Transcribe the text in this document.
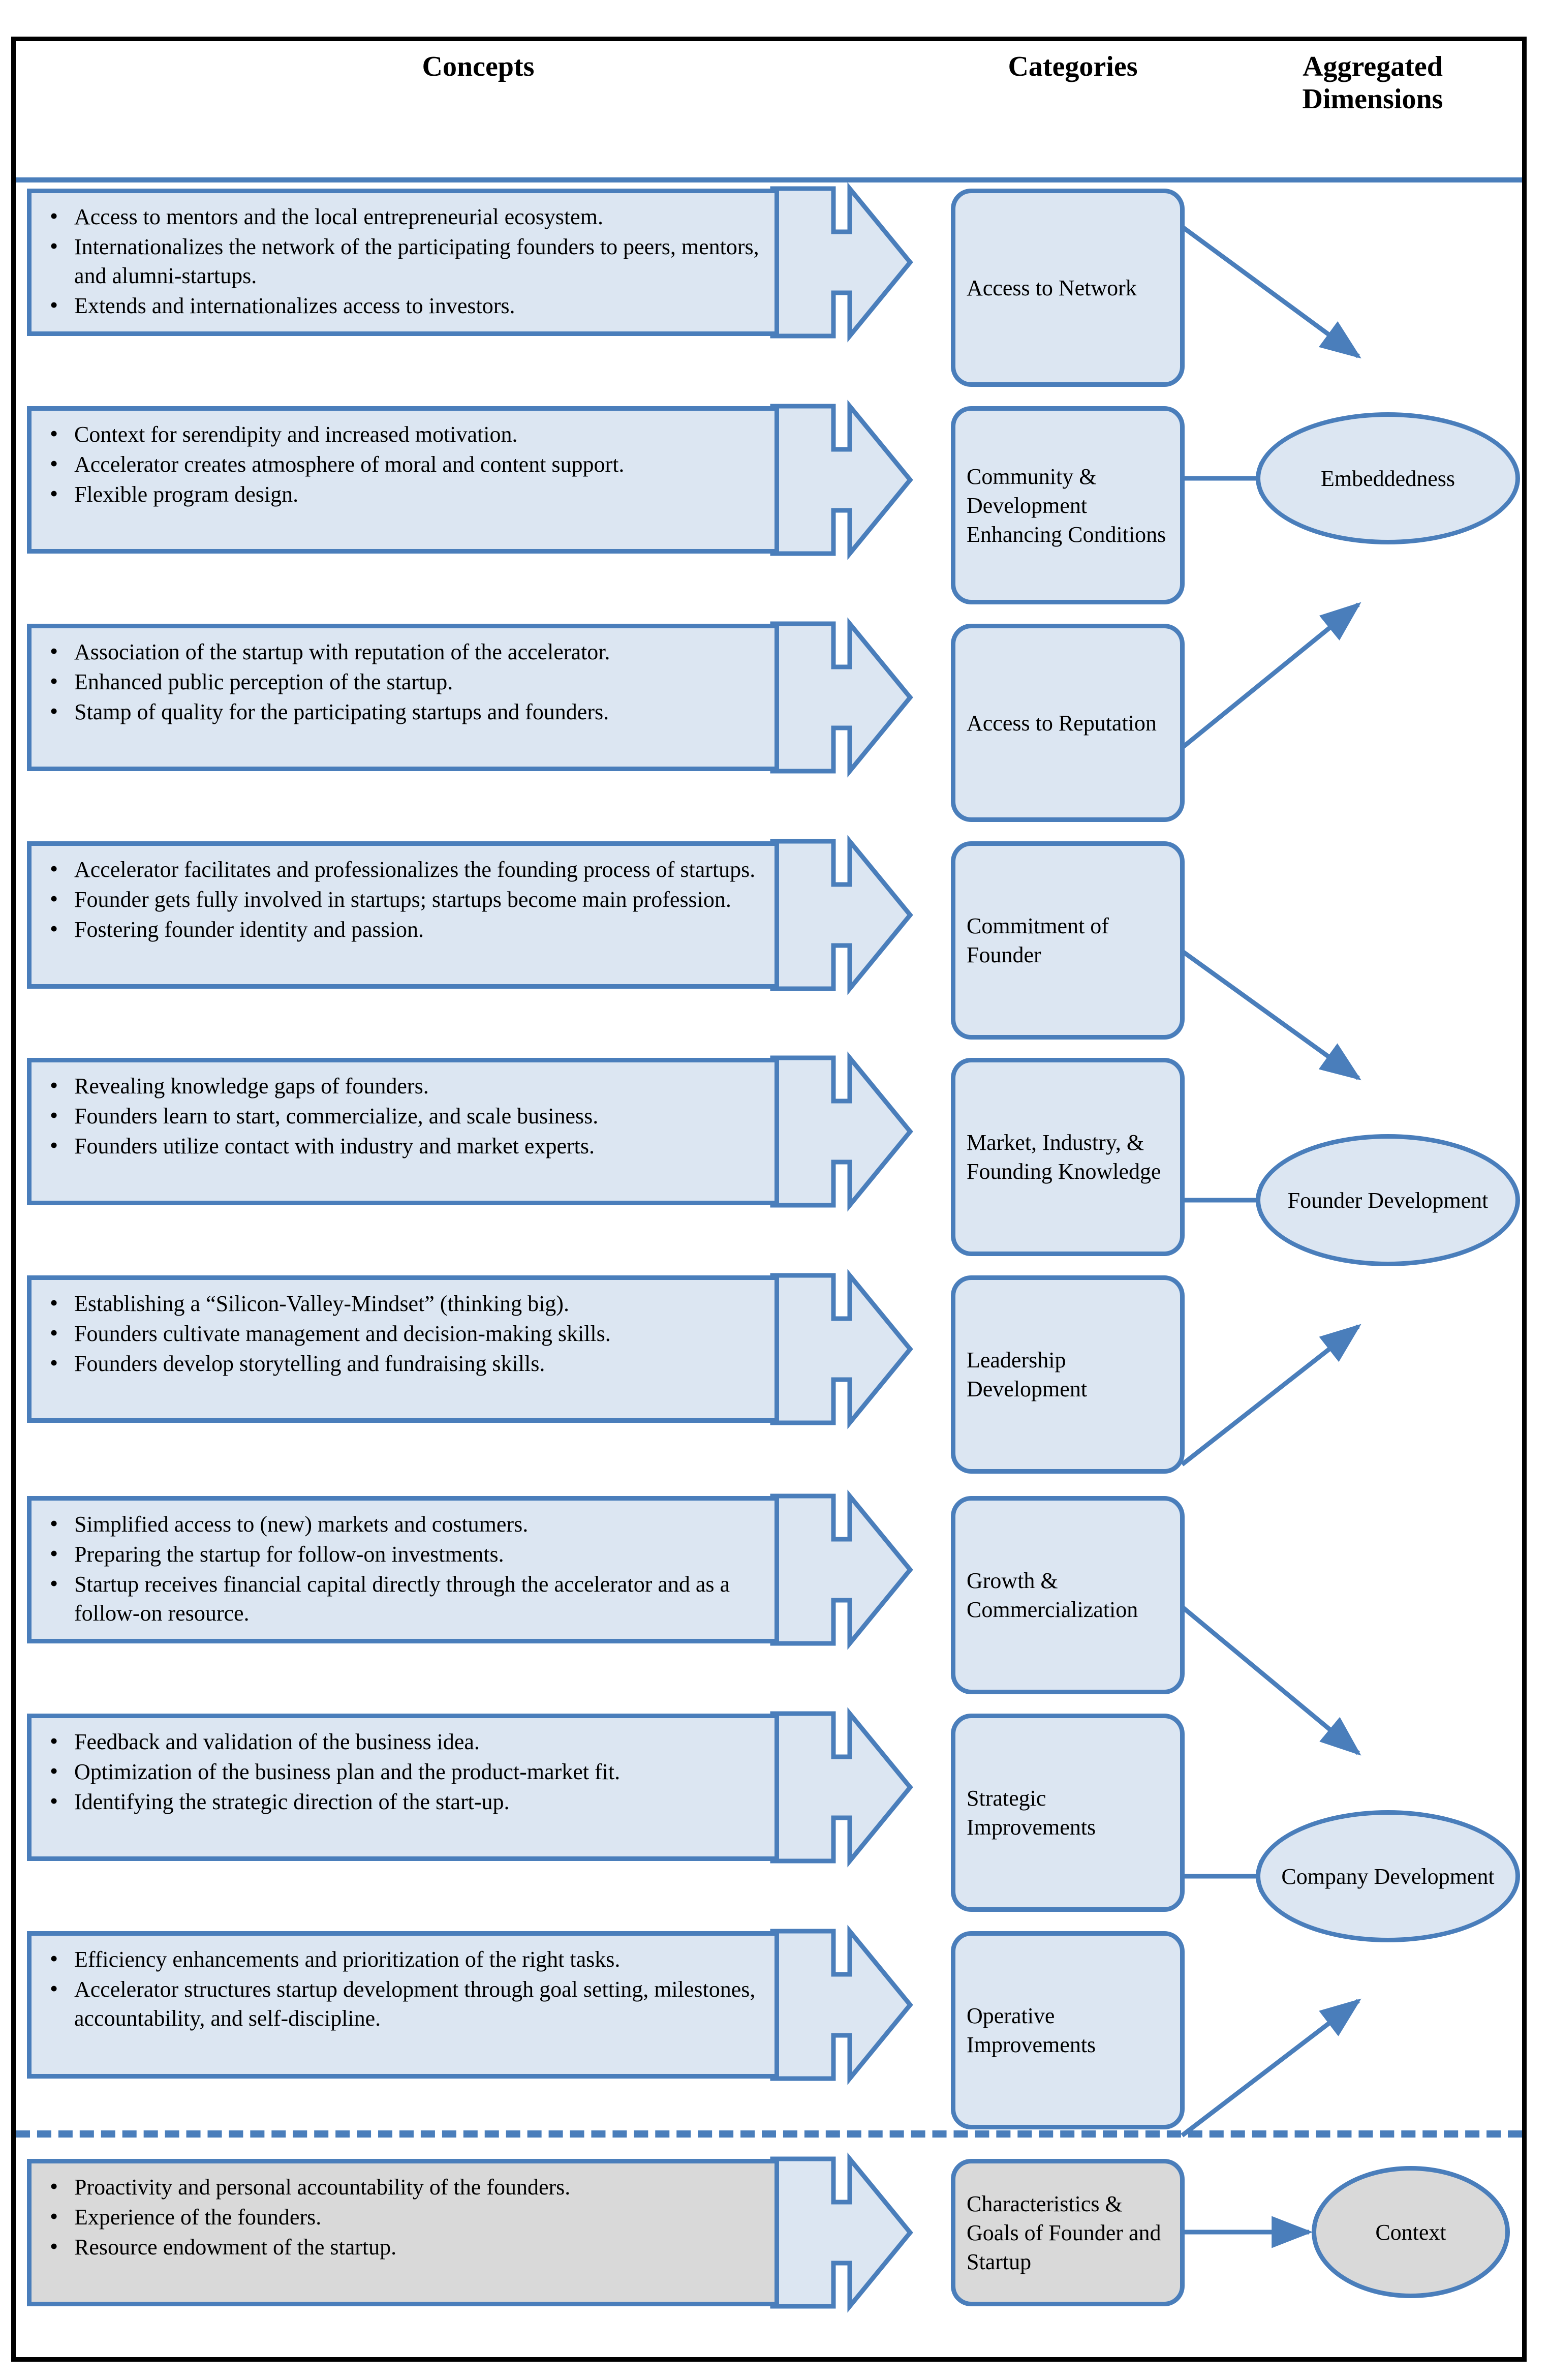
Concepts	Categories	Aggregated
Dimensions
• Access to mentors and the local entrepreneurial ecosystem.
• Internationalizes the network of the participating founders to peers, mentors, and alumni-startups.
• Extends and internationalizes access to investors.
• Context for serendipity and increased motivation.
• Accelerator creates atmosphere of moral and content support.
• Flexible program design.
• Association of the startup with reputation of the accelerator.
• Enhanced public perception of the startup.
• Stamp of quality for the participating startups and founders.
• Accelerator facilitates and professionalizes the founding process of startups.
• Founder gets fully involved in startups; startups become main profession.
• Fostering founder identity and passion.
• Revealing knowledge gaps of founders.
• Founders learn to start, commercialize, and scale business.
• Founders utilize contact with industry and market experts.
• Establishing a “Silicon-Valley-Mindset” (thinking big).
• Founders cultivate management and decision-making skills.
• Founders develop storytelling and fundraising skills.
• Simplified access to (new) markets and costumers.
• Preparing the startup for follow-on investments.
• Startup receives financial capital directly through the accelerator and as a follow-on resource.
• Feedback and validation of the business idea.
• Optimization of the business plan and the product-market fit.
• Identifying the strategic direction of the start-up.
• Efficiency enhancements and prioritization of the right tasks.
• Accelerator structures startup development through goal setting, milestones, accountability, and self-discipline.
• Proactivity and personal accountability of the founders.
• Experience of the founders.
• Resource endowment of the startup.
Access to Network
Community & Development Enhancing Conditions
Access to Reputation
Commitment of Founder
Market, Industry, & Founding Knowledge
Leadership Development
Growth & Commercialization
Strategic Improvements
Operative Improvements
Characteristics & Goals of Founder and Startup
Embeddedness
Founder Development
Company Development
Context
